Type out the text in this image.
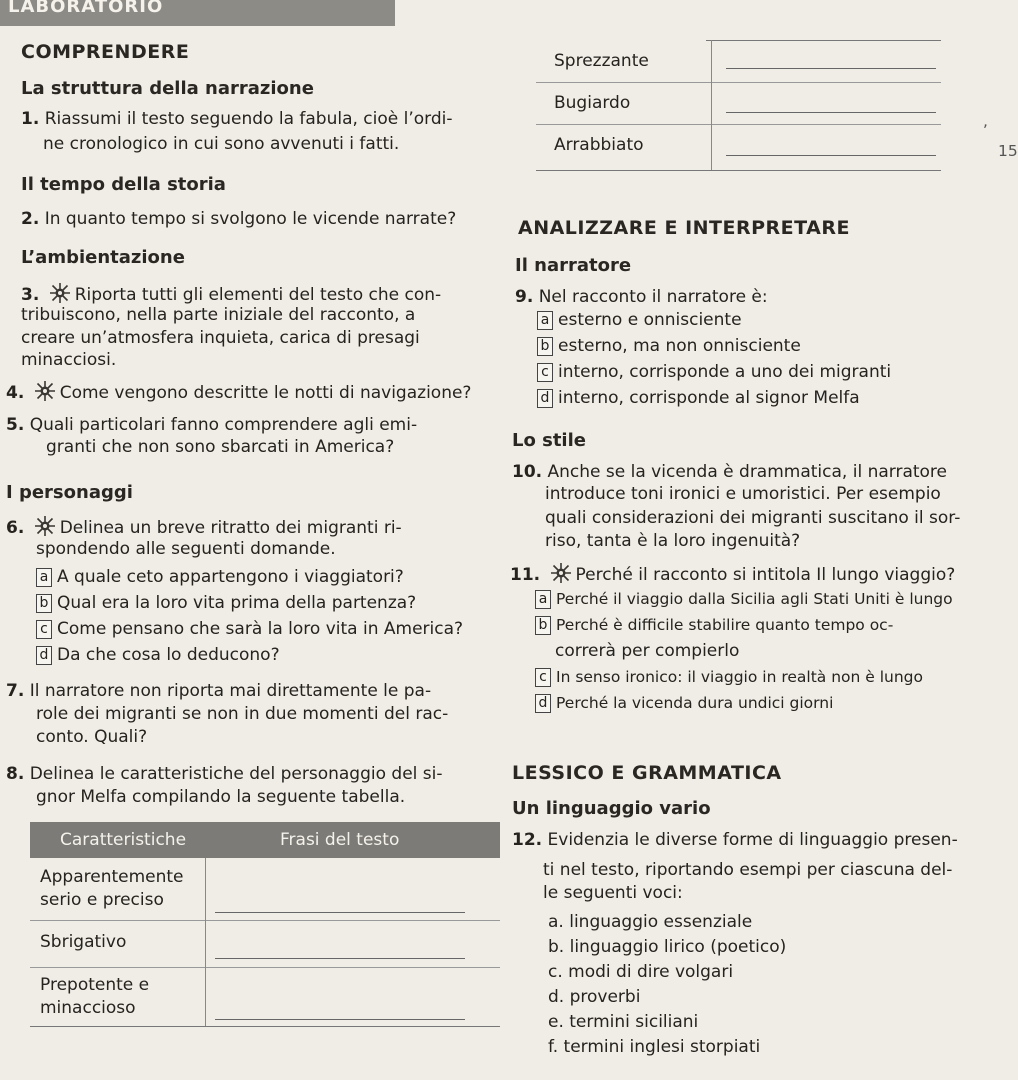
LABORATORIO
COMPRENDERE
La struttura della narrazione
1. Riassumi il testo seguendo la fabula, cioè l’ordi-
ne cronologico in cui sono avvenuti i fatti.
Il tempo della storia
2. In quanto tempo si svolgono le vicende narrate?
L’ambientazione
3. Riporta tutti gli elementi del testo che con-
tribuiscono, nella parte iniziale del racconto, a
creare un’atmosfera inquieta, carica di presagi
minacciosi.
4. Come vengono descritte le notti di navigazione?
5. Quali particolari fanno comprendere agli emi-
granti che non sono sbarcati in America?
I personaggi
6. Delinea un breve ritratto dei migranti ri-
spondendo alle seguenti domande.
a A quale ceto appartengono i viaggiatori?
b Qual era la loro vita prima della partenza?
c Come pensano che sarà la loro vita in America?
d Da che cosa lo deducono?
7. Il narratore non riporta mai direttamente le pa-
role dei migranti se non in due momenti del rac-
conto. Quali?
8. Delinea le caratteristiche del personaggio del si-
gnor Melfa compilando la seguente tabella.
Caratteristiche	Frasi del testo
Apparentemente
serio e preciso
Sbrigativo
Prepotente e
minaccioso
Sprezzante
Bugiardo
Arrabbiato
,
15
ANALIZZARE E INTERPRETARE
Il narratore
9. Nel racconto il narratore è:
a esterno e onnisciente
b esterno, ma non onnisciente
c interno, corrisponde a uno dei migranti
d interno, corrisponde al signor Melfa
Lo stile
10. Anche se la vicenda è drammatica, il narratore
introduce toni ironici e umoristici. Per esempio
quali considerazioni dei migranti suscitano il sor-
riso, tanta è la loro ingenuità?
11. Perché il racconto si intitola Il lungo viaggio?
a Perché il viaggio dalla Sicilia agli Stati Uniti è lungo
b Perché è difficile stabilire quanto tempo oc-
correrà per compierlo
c In senso ironico: il viaggio in realtà non è lungo
d Perché la vicenda dura undici giorni
LESSICO E GRAMMATICA
Un linguaggio vario
12. Evidenzia le diverse forme di linguaggio presen-
ti nel testo, riportando esempi per ciascuna del-
le seguenti voci:
a. linguaggio essenziale
b. linguaggio lirico (poetico)
c. modi di dire volgari
d. proverbi
e. termini siciliani
f. termini inglesi storpiati
